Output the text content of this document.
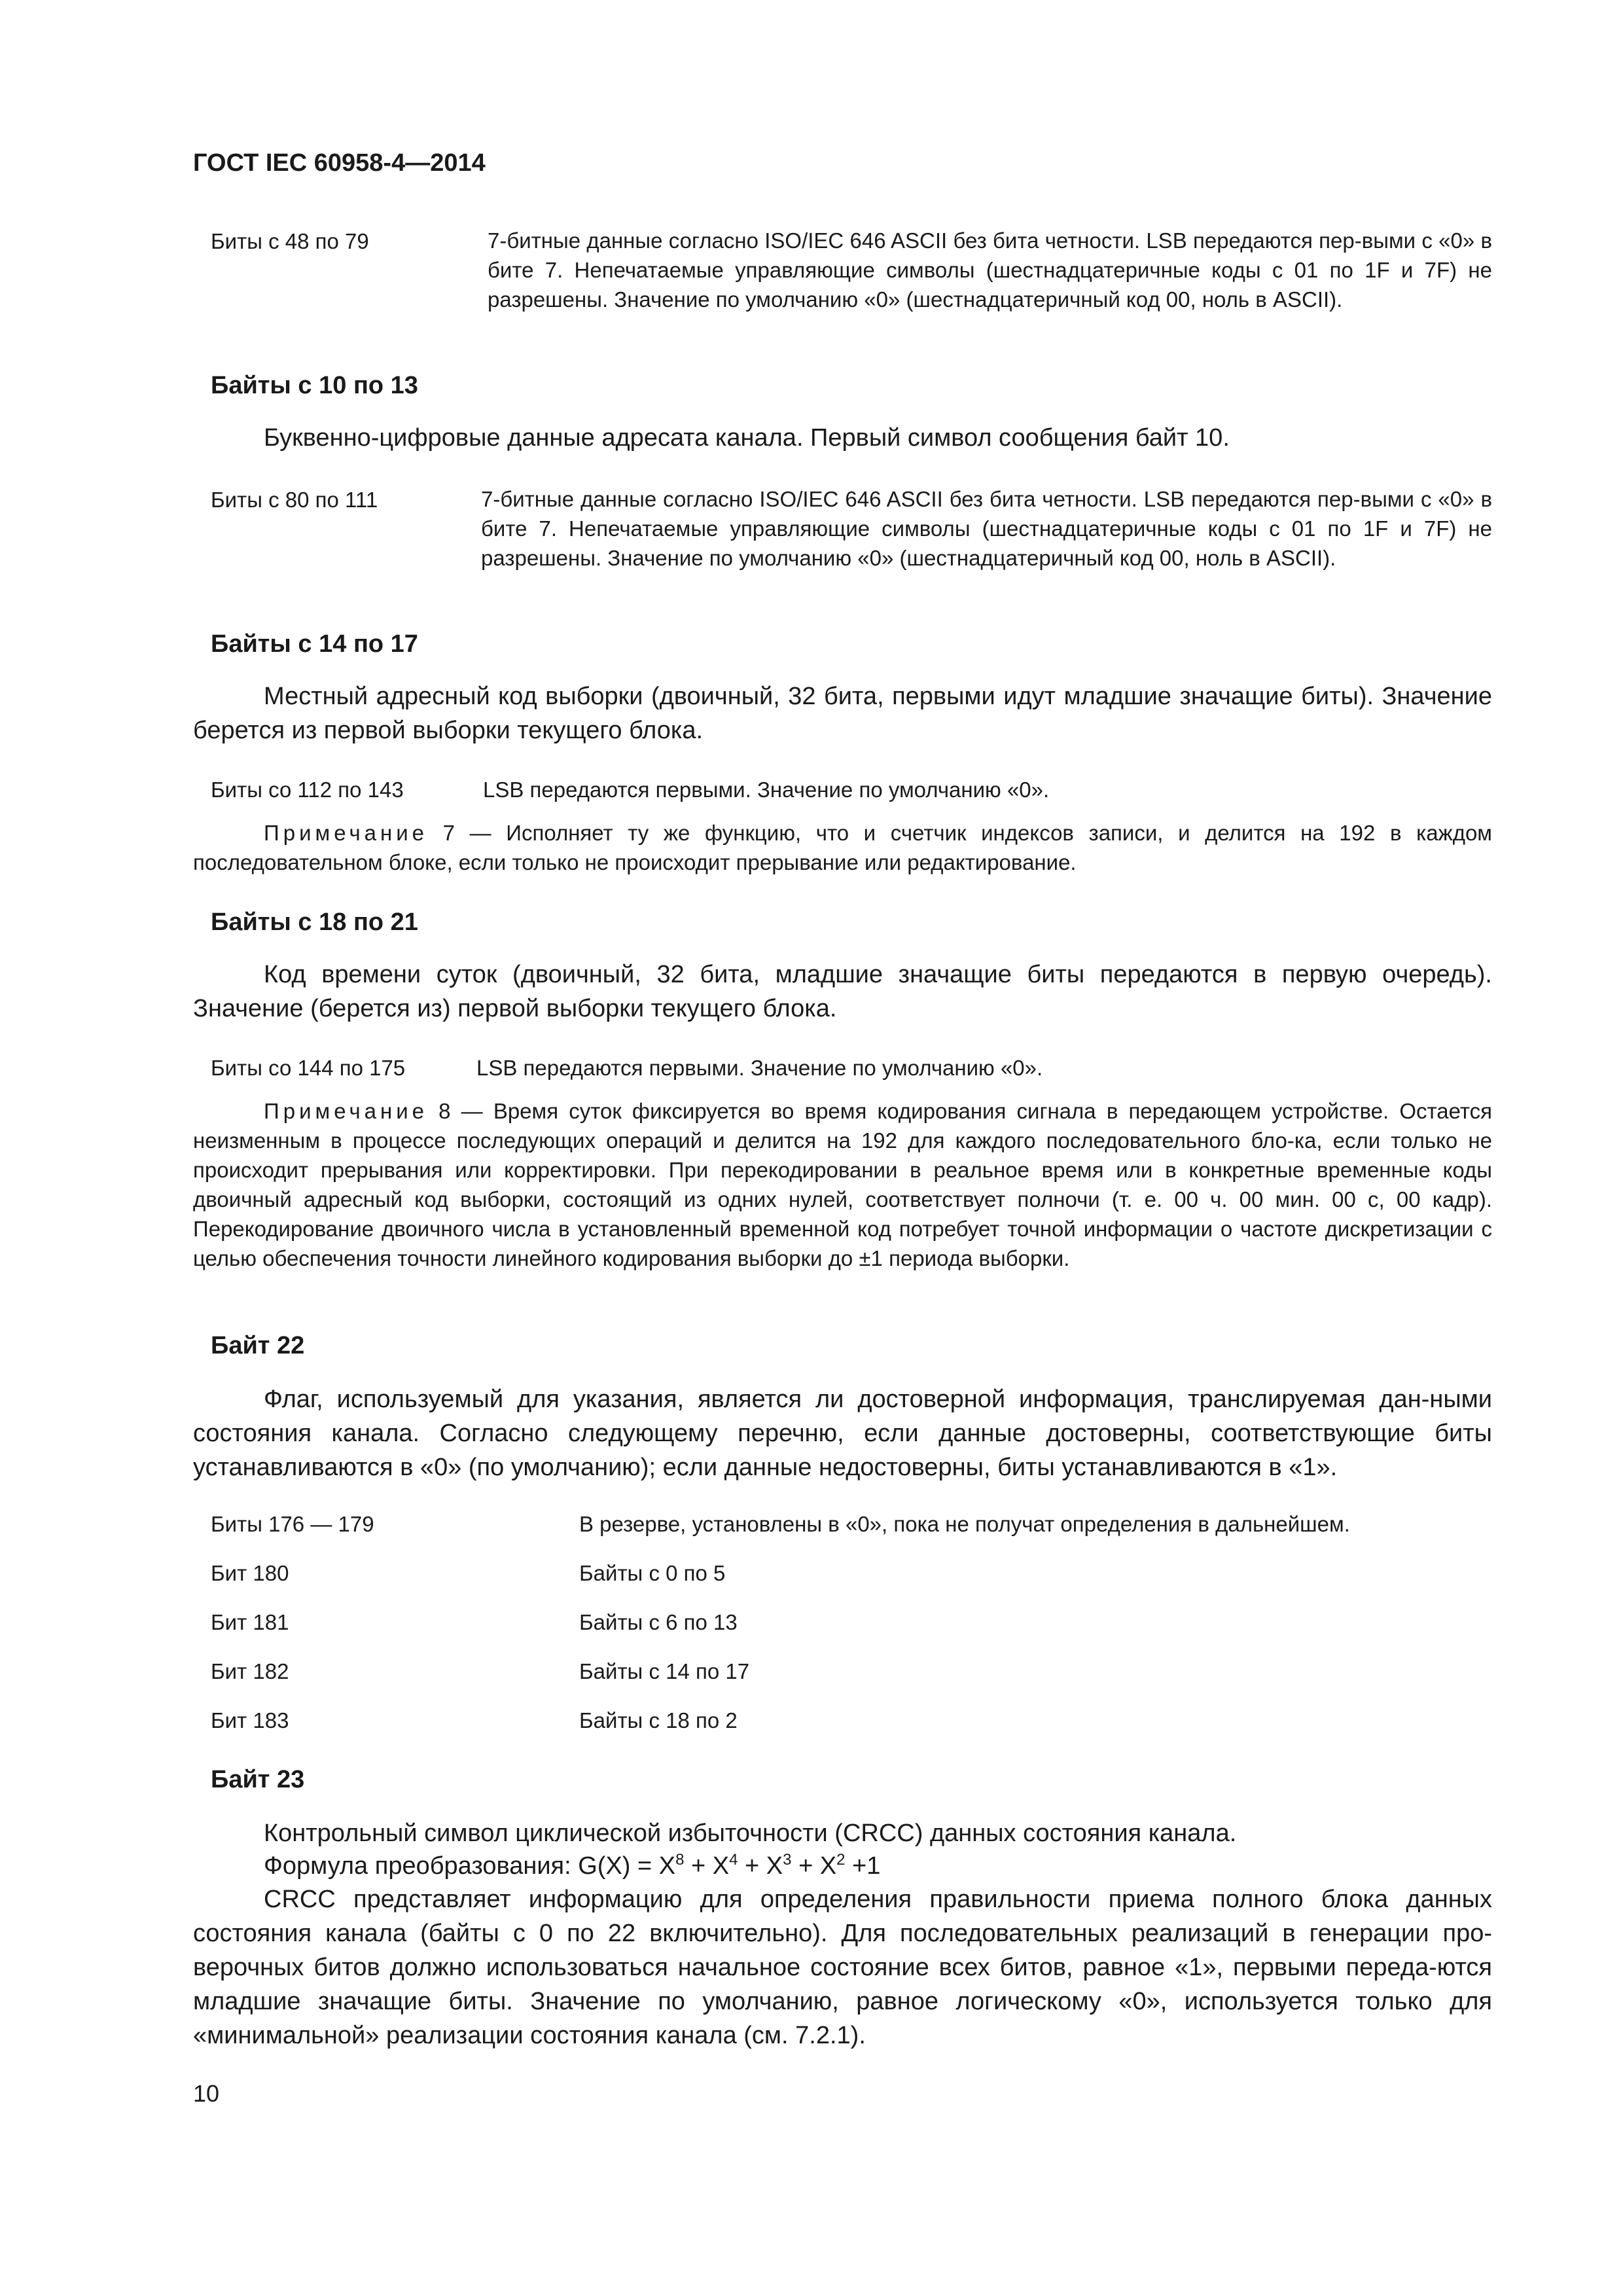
ГОСТ IEC 60958-4—2014
Биты с 48 по 79	7-битные данные согласно ISO/IEC 646 ASCII без бита четности. LSB передаются пер-выми с «0» в бите 7. Непечатаемые управляющие символы (шестнадцатеричные коды с 01 по 1F и 7F) не разрешены. Значение по умолчанию «0» (шестнадцатеричный код 00, ноль в ASCII).
Байты с 10 по 13
Буквенно-цифровые данные адресата канала. Первый символ сообщения байт 10.
Биты с 80 по 111	7-битные данные согласно ISO/IEC 646 ASCII без бита четности. LSB передаются пер-выми с «0» в бите 7. Непечатаемые управляющие символы (шестнадцатеричные коды с 01 по 1F и 7F) не разрешены. Значение по умолчанию «0» (шестнадцатеричный код 00, ноль в ASCII).
Байты с 14 по 17
Местный адресный код выборки (двоичный, 32 бита, первыми идут младшие значащие биты). Значение берется из первой выборки текущего блока.
Биты со 112 по 143	LSB передаются первыми. Значение по умолчанию «0».
Примечание 7 — Исполняет ту же функцию, что и счетчик индексов записи, и делится на 192 в каждом последовательном блоке, если только не происходит прерывание или редактирование.
Байты с 18 по 21
Код времени суток (двоичный, 32 бита, младшие значащие биты передаются в первую очередь). Значение (берется из) первой выборки текущего блока.
Биты со 144 по 175	LSB передаются первыми. Значение по умолчанию «0».
Примечание 8 — Время суток фиксируется во время кодирования сигнала в передающем устройстве. Остается неизменным в процессе последующих операций и делится на 192 для каждого последовательного бло-ка, если только не происходит прерывания или корректировки. При перекодировании в реальное время или в конкретные временные коды двоичный адресный код выборки, состоящий из одних нулей, соответствует полночи (т. е. 00 ч. 00 мин. 00 с, 00 кадр). Перекодирование двоичного числа в установленный временной код потребует точной информации о частоте дискретизации с целью обеспечения точности линейного кодирования выборки до ±1 периода выборки.
Байт 22
Флаг, используемый для указания, является ли достоверной информация, транслируемая дан-ными состояния канала. Согласно следующему перечню, если данные достоверны, соответствующие биты устанавливаются в «0» (по умолчанию); если данные недостоверны, биты устанавливаются в «1».
Биты 176 — 179	В резерве, установлены в «0», пока не получат определения в дальнейшем.
Бит 180	Байты с 0 по 5
Бит 181	Байты с 6 по 13
Бит 182	Байты с 14 по 17
Бит 183	Байты с 18 по 2
Байт 23
Контрольный символ циклической избыточности (CRCC) данных состояния канала.
Формула преобразования: $G(X) = X^8 + X^4 + X^3 + X^2 +1$
CRCC представляет информацию для определения правильности приема полного блока данных состояния канала (байты с 0 по 22 включительно). Для последовательных реализаций в генерации про-верочных битов должно использоваться начальное состояние всех битов, равное «1», первыми переда-ются младшие значащие биты. Значение по умолчанию, равное логическому «0», используется только для «минимальной» реализации состояния канала (см. 7.2.1).
10
